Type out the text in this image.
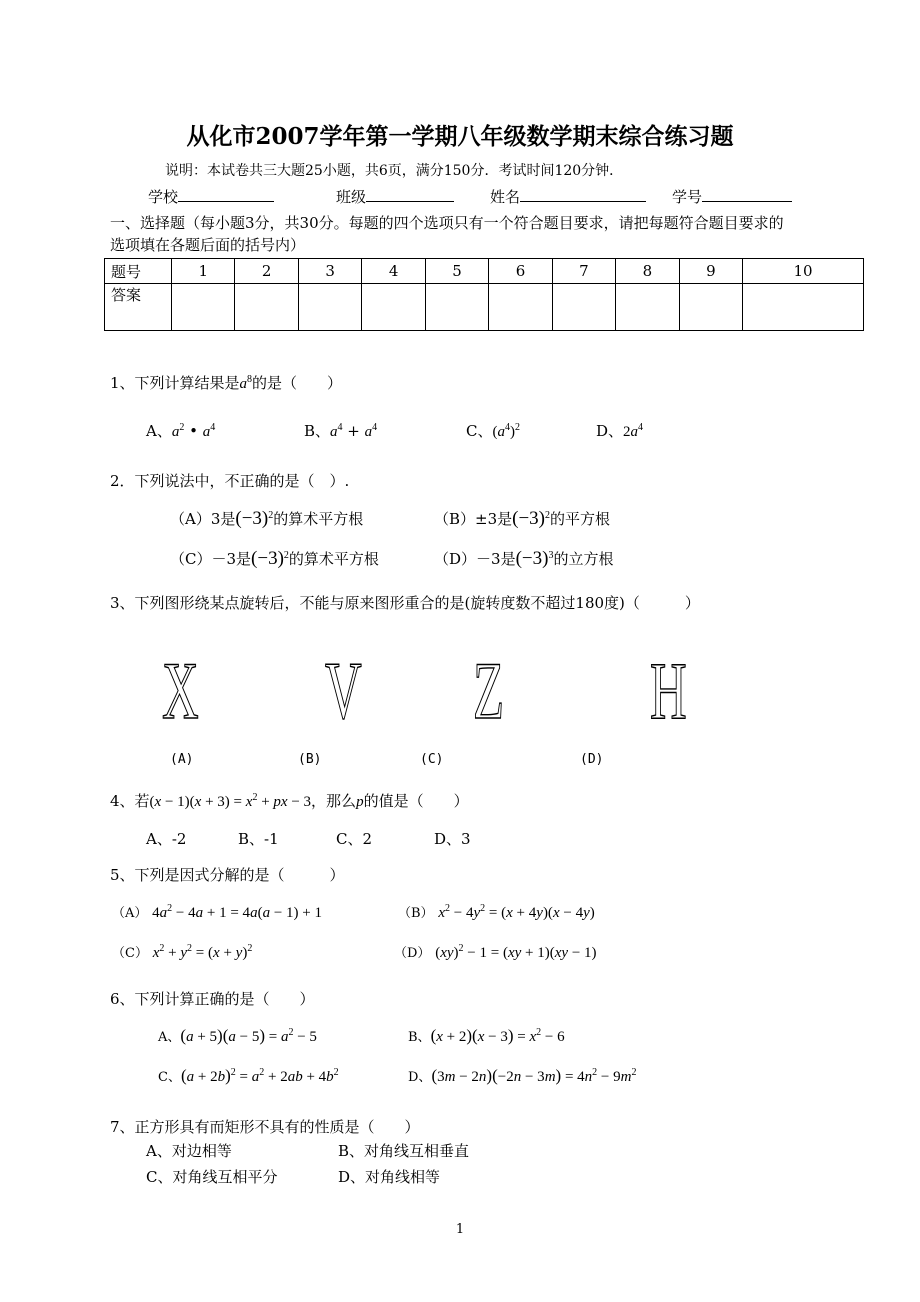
从化市2007学年第一学期八年级数学期末综合练习题
说明：本试卷共三大题25小题，共6页，满分150分．考试时间120分钟．
学校	班级	姓名	学号
一、选择题（每小题3分，共30分。每题的四个选项只有一个符合题目要求，请把每题符合题目要求的
选项填在各题后面的括号内）
题号	1	2	3	4	5	6	7	8	9	10
答案										
1、下列计算结果是$a^8$的是（　　）
A、$a^2$ • $a^4$	B、$a^4 + a^4$	C、$(a^4)^2$	D、$2a^4$
2．下列说法中，不正确的是（　）.
（A）3是$(-3)^2$的算术平方根	（B）±3是$(-3)^2$的平方根
（C）－3是$(-3)^2$的算术平方根	（D）－3是$(-3)^3$的立方根
3、下列图形绕某点旋转后，不能与原来图形重合的是(旋转度数不超过180度)（　　　）
X V Z H
(A)	(B)	(C)	(D)
4、若$(x - 1)(x + 3) = x^2$ + px − 3，那么p的值是（　　）
A、-2	B、-1	C、2	D、3
5、下列是因式分解的是（　　　）
（A） $4a^2 - 4a + 1 = 4a(a - 1) + 1$	（B） $x^2 - 4y^2 = (x + 4y)(x - 4y)$
（C） $x^2 + y^2 = (x + y)^2$	（D） (xy)$^2$ − 1 = (xy + 1)(xy − 1)
6、下列计算正确的是（　　）
A、$(a + 5)(a - 5) = a^2 - 5$	B、$(x + 2)(x - 3) = x^2 - 6$
C、$(a + 2b)^2 = a^2 + 2ab + 4b^2$	D、$(3m - 2n)(-2n - 3m) = 4n^2 - 9m^2$
7、正方形具有而矩形不具有的性质是（　　）
A、对边相等	B、对角线互相垂直
C、对角线互相平分	D、对角线相等
1
